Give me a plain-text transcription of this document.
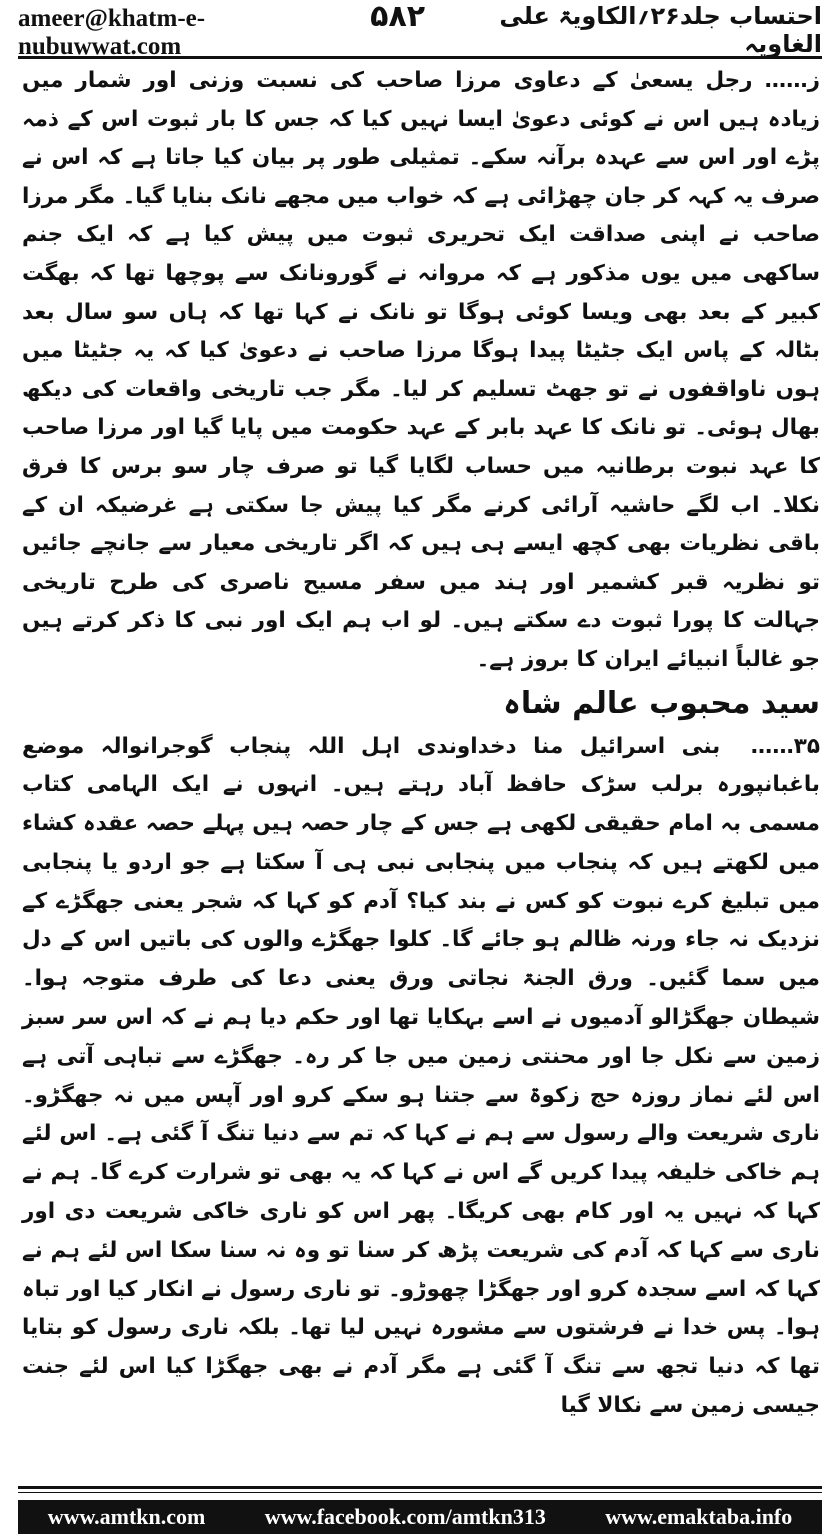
ameer@khatm-e-nubuwwat.com
۵۸۲	احتساب جلد۲۶؍الکاویۃ علی الغاویہ

ز…… رجل یسعیٰ کے دعاوی مرزا صاحب کی نسبت وزنی اور شمار میں زیادہ ہیں اس نے کوئی دعویٰ ایسا نہیں کیا کہ جس کا بار ثبوت اس کے ذمہ پڑے اور اس سے عہدہ برآنہ سکے۔ تمثیلی طور پر بیان کیا جاتا ہے کہ اس نے صرف یہ کہہ کر جان چھڑائی ہے کہ خواب میں مجھے نانک بنایا گیا۔ مگر مرزا صاحب نے اپنی صداقت ایک تحریری ثبوت میں پیش کیا ہے کہ ایک جنم ساکھی میں یوں مذکور ہے کہ مروانہ نے گورونانک سے پوچھا تھا کہ بھگت کبیر کے بعد بھی ویسا کوئی ہوگا تو نانک نے کہا تھا کہ ہاں سو سال بعد بٹالہ کے پاس ایک جٹیٹا پیدا ہوگا مرزا صاحب نے دعویٰ کیا کہ یہ جٹیٹا میں ہوں ناواقفوں نے تو جھٹ تسلیم کر لیا۔ مگر جب تاریخی واقعات کی دیکھ بھال ہوئی۔ تو نانک کا عہد بابر کے عہد حکومت میں پایا گیا اور مرزا صاحب کا عہد نبوت برطانیہ میں حساب لگایا گیا تو صرف چار سو برس کا فرق نکلا۔ اب لگے حاشیہ آرائی کرنے مگر کیا پیش جا سکتی ہے غرضیکہ ان کے باقی نظریات بھی کچھ ایسے ہی ہیں کہ اگر تاریخی معیار سے جانچے جائیں تو نظریہ قبر کشمیر اور ہند میں سفر مسیح ناصری کی طرح تاریخی جہالت کا پورا ثبوت دے سکتے ہیں۔ لو اب ہم ایک اور نبی کا ذکر کرتے ہیں جو غالباً انبیائے ایران کا بروز ہے۔

سید محبوب عالم شاہ

۳۵…… بنی اسرائیل منا دخداوندی اہل اللہ پنجاب گوجرانوالہ موضع باغبانپورہ برلب سڑک حافظ آباد رہتے ہیں۔ انہوں نے ایک الہامی کتاب مسمی بہ امام حقیقی لکھی ہے جس کے چار حصہ ہیں پہلے حصہ عقدہ کشاء میں لکھتے ہیں کہ پنجاب میں پنجابی نبی ہی آ سکتا ہے جو اردو یا پنجابی میں تبلیغ کرے نبوت کو کس نے بند کیا؟ آدم کو کہا کہ شجر یعنی جھگڑے کے نزدیک نہ جاء ورنہ ظالم ہو جائے گا۔ کلوا جھگڑے والوں کی باتیں اس کے دل میں سما گئیں۔ ورق الجنۃ نجاتی ورق یعنی دعا کی طرف متوجہ ہوا۔ شیطان جھگڑالو آدمیوں نے اسے بہکایا تھا اور حکم دیا ہم نے کہ اس سر سبز زمین سے نکل جا اور محنتی زمین میں جا کر رہ۔ جھگڑے سے تباہی آتی ہے اس لئے نماز روزہ حج زکوۃ سے جتنا ہو سکے کرو اور آپس میں نہ جھگڑو۔ ناری شریعت والے رسول سے ہم نے کہا کہ تم سے دنیا تنگ آ گئی ہے۔ اس لئے ہم خاکی خلیفہ پیدا کریں گے اس نے کہا کہ یہ بھی تو شرارت کرے گا۔ ہم نے کہا کہ نہیں یہ اور کام بھی کریگا۔ پھر اس کو ناری خاکی شریعت دی اور ناری سے کہا کہ آدم کی شریعت پڑھ کر سنا تو وہ نہ سنا سکا اس لئے ہم نے کہا کہ اسے سجدہ کرو اور جھگڑا چھوڑو۔ تو ناری رسول نے انکار کیا اور تباہ ہوا۔ پس خدا نے فرشتوں سے مشورہ نہیں لیا تھا۔ بلکہ ناری رسول کو بتایا تھا کہ دنیا تجھ سے تنگ آ گئی ہے مگر آدم نے بھی جھگڑا کیا اس لئے جنت جیسی زمین سے نکالا گیا

www.amtkn.com	www.facebook.com/amtkn313	www.emaktaba.info
